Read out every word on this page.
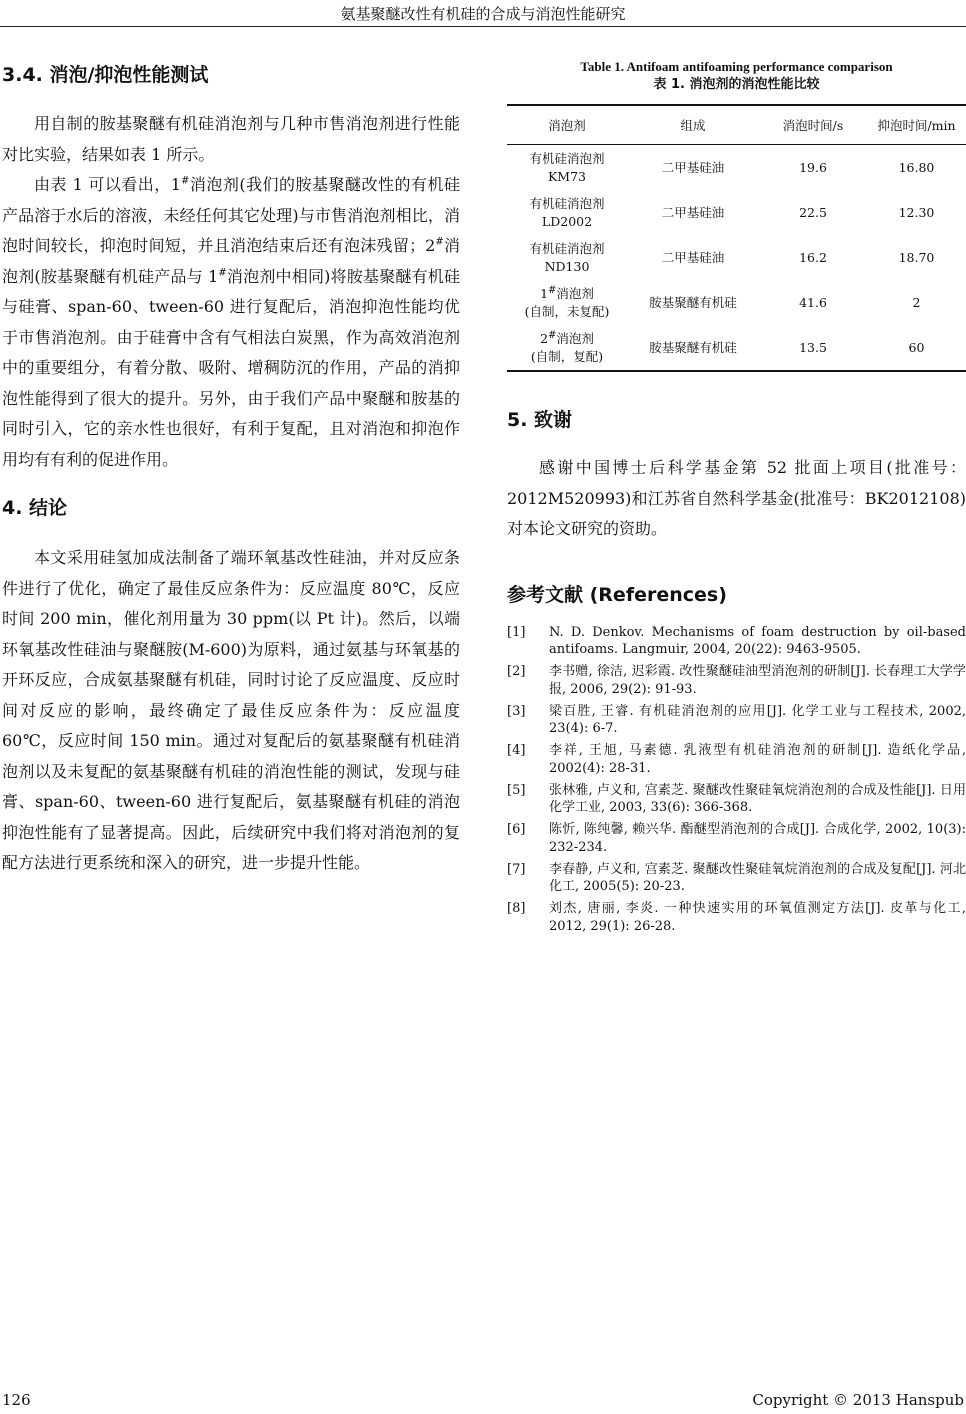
氨基聚醚改性有机硅的合成与消泡性能研究
3.4. 消泡/抑泡性能测试

用自制的胺基聚醚有机硅消泡剂与几种市售消泡剂进行性能对比实验，结果如表 1 所示。

由表 1 可以看出，1#消泡剂(我们的胺基聚醚改性的有机硅产品溶于水后的溶液，未经任何其它处理)与市售消泡剂相比，消泡时间较长，抑泡时间短，并且消泡结束后还有泡沫残留；2#消泡剂(胺基聚醚有机硅产品与 1#消泡剂中相同)将胺基聚醚有机硅与硅膏、span-60、tween-60 进行复配后，消泡抑泡性能均优于市售消泡剂。由于硅膏中含有气相法白炭黑，作为高效消泡剂中的重要组分，有着分散、吸附、增稠防沉的作用，产品的消抑泡性能得到了很大的提升。另外，由于我们产品中聚醚和胺基的同时引入，它的亲水性也很好，有利于复配，且对消泡和抑泡作用均有有利的促进作用。

4. 结论

本文采用硅氢加成法制备了端环氧基改性硅油，并对反应条件进行了优化，确定了最佳反应条件为：反应温度 80℃，反应时间 200 min，催化剂用量为 30 ppm(以 Pt 计)。然后，以端环氧基改性硅油与聚醚胺(M-600)为原料，通过氨基与环氧基的开环反应，合成氨基聚醚有机硅，同时讨论了反应温度、反应时间对反应的影响，最终确定了最佳反应条件为：反应温度 60℃，反应时间 150 min。通过对复配后的氨基聚醚有机硅消泡剂以及未复配的氨基聚醚有机硅的消泡性能的测试，发现与硅膏、span-60、tween-60 进行复配后，氨基聚醚有机硅的消泡抑泡性能有了显著提高。因此，后续研究中我们将对消泡剂的复配方法进行更系统和深入的研究，进一步提升性能。

Table 1. Antifoam antifoaming performance comparison
表 1. 消泡剂的消泡性能比较
消泡剂	组成	消泡时间/s	抑泡时间/min
有机硅消泡剂
KM73	二甲基硅油	19.6	16.80
有机硅消泡剂
LD2002	二甲基硅油	22.5	12.30
有机硅消泡剂
ND130	二甲基硅油	16.2	18.70
1#消泡剂
(自制，未复配)	胺基聚醚有机硅	41.6	2
2#消泡剂
(自制，复配)	胺基聚醚有机硅	13.5	60
5. 致谢

感谢中国博士后科学基金第 52 批面上项目(批准号：2012M520993)和江苏省自然科学基金(批准号：BK2012108)对本论文研究的资助。

参考文献 (References)
[1] N. D. Denkov. Mechanisms of foam destruction by oil-based antifoams. Langmuir, 2004, 20(22): 9463-9505.
[2] 李书赠, 徐洁, 迟彩霞. 改性聚醚硅油型消泡剂的研制[J]. 长春理工大学学报, 2006, 29(2): 91-93.
[3] 梁百胜, 王睿. 有机硅消泡剂的应用[J]. 化学工业与工程技术, 2002, 23(4): 6-7.
[4] 李祥, 王旭, 马素德. 乳液型有机硅消泡剂的研制[J]. 造纸化学品, 2002(4): 28-31.
[5] 张林雅, 卢义和, 宫素芝. 聚醚改性聚硅氧烷消泡剂的合成及性能[J]. 日用化学工业, 2003, 33(6): 366-368.
[6] 陈忻, 陈纯馨, 赖兴华. 酯醚型消泡剂的合成[J]. 合成化学, 2002, 10(3): 232-234.
[7] 李春静, 卢义和, 宫素芝. 聚醚改性聚硅氧烷消泡剂的合成及复配[J]. 河北化工, 2005(5): 20-23.
[8] 刘杰, 唐丽, 李炎. 一种快速实用的环氧值测定方法[J]. 皮革与化工, 2012, 29(1): 26-28.
126	Copyright © 2013 Hanspub
